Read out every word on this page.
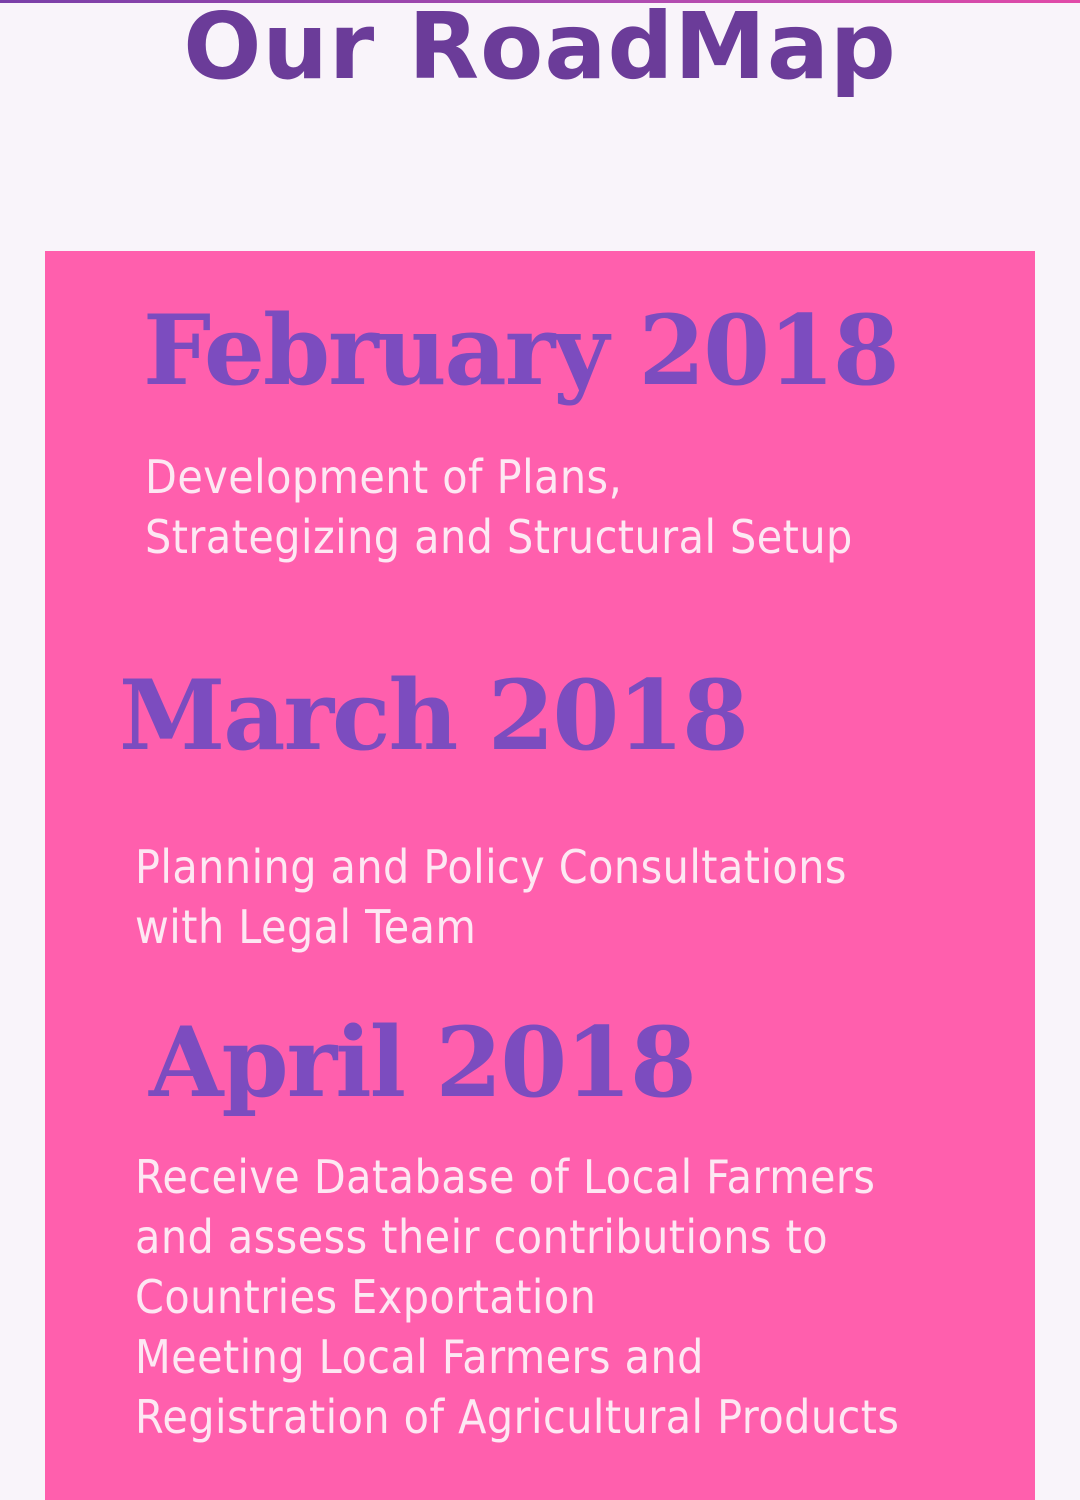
Our RoadMap
February 2018
Development of Plans,
Strategizing and Structural Setup
March 2018
Planning and Policy Consultations
with Legal Team
April 2018
Receive Database of Local Farmers
and assess their contributions to
Countries Exportation
Meeting Local Farmers and
Registration of Agricultural Products
